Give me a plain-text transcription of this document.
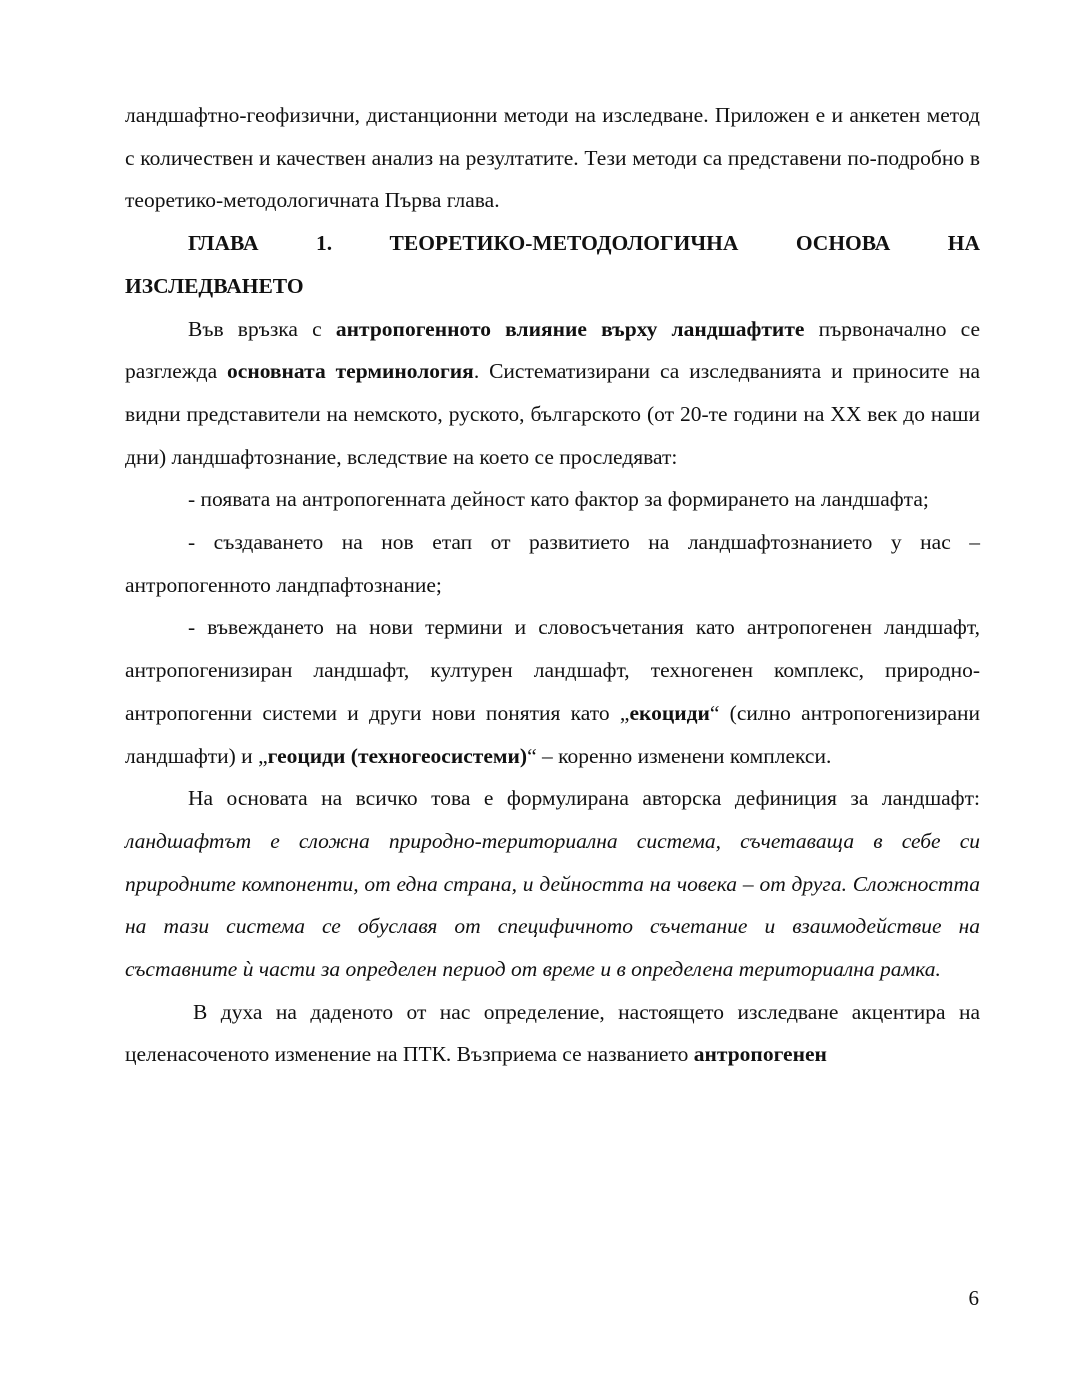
ландшафтно-геофизични, дистанционни методи на изследване. Приложен е и анкетен метод с количествен и качествен анализ на резултатите. Тези методи са представени по-подробно в теоретико-методологичната Първа глава.

ГЛАВА 1. ТЕОРЕТИКО-МЕТОДОЛОГИЧНА ОСНОВА НА ИЗСЛЕДВАНЕТО

Във връзка с антропогенното влияние върху ландшафтите първоначално се разглежда основната терминология. Систематизирани са изследванията и приносите на видни представители на немското, руското, българското (от 20-те години на XX век до наши дни) ландшафтознание, вследствие на което се проследяват:

- появата на антропогенната дейност като фактор за формирането на ландшафта;

- създаването на нов етап от развитието на ландшафтознанието у нас – антропогенното ландпафтознание;

- въвеждането на нови термини и словосъчетания като антропогенен ландшафт, антропогенизиран ландшафт, културен ландшафт, техногенен комплекс, природно-антропогенни системи и други нови понятия като „екоциди“ (силно антропогенизирани ландшафти) и „геоциди (техногеосистеми)“ – коренно изменени комплекси.

На основата на всичко това е формулирана авторска дефиниция за ландшафт: ландшафтът е сложна природно-териториална система, съчетаваща в себе си природните компоненти, от една страна, и дейността на човека – от друга. Сложността на тази система се обуславя от специфичното съчетание и взаимодействие на съставните ѝ части за определен период от време и в определена териториална рамка.

В духа на даденото от нас определение, настоящето изследване акцентира на целенасоченото изменение на ПТК. Възприема се названието антропогенен

6
